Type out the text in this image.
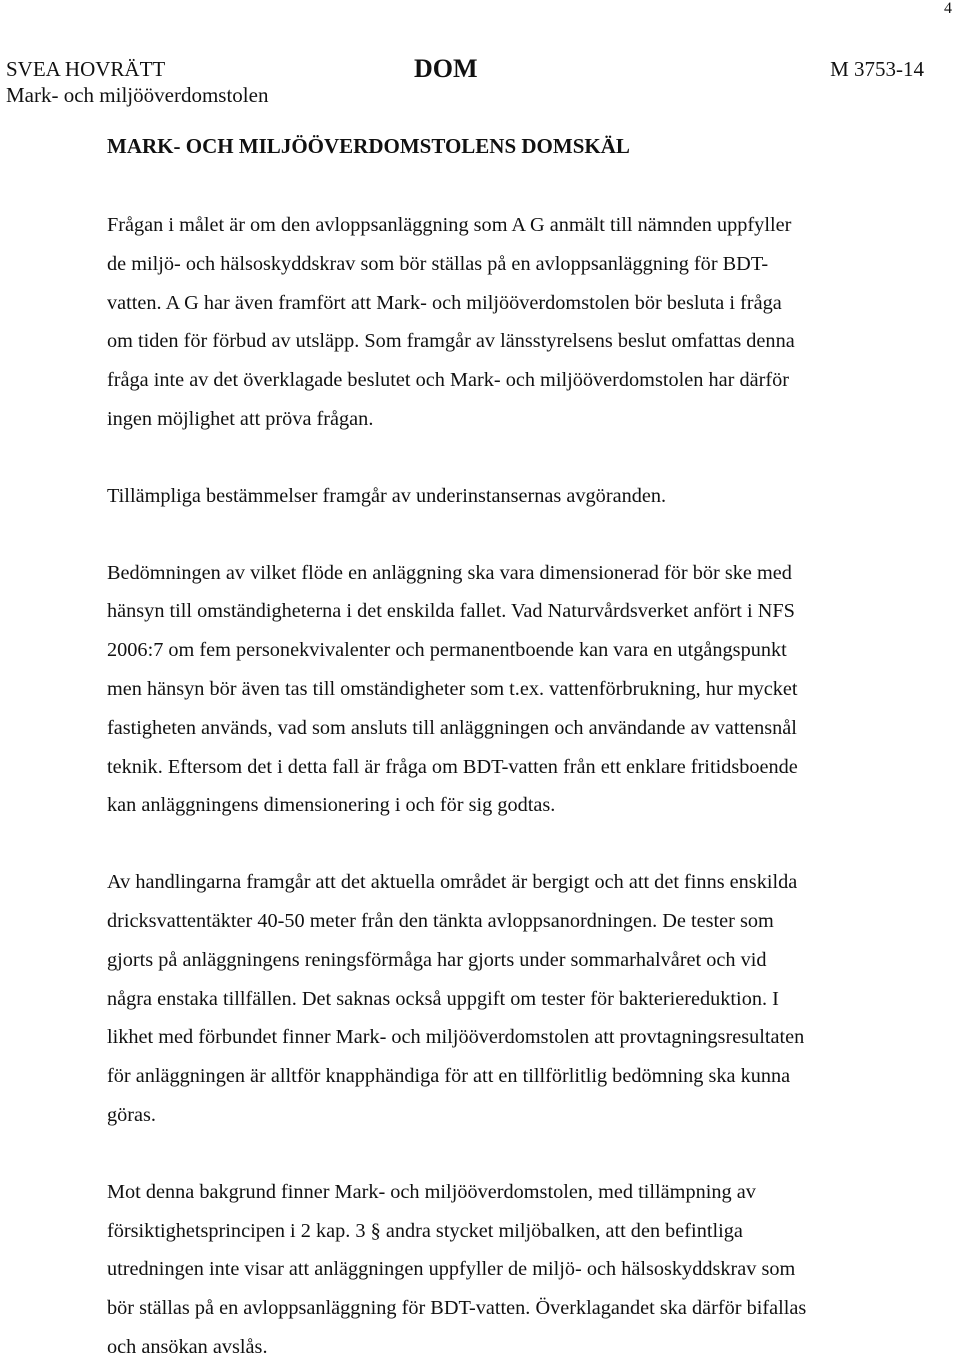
4
SVEA HOVRÄTT
Mark- och miljööverdomstolen
DOM	M 3753-14
MARK- OCH MILJÖÖVERDOMSTOLENS DOMSKÄL
Frågan i målet är om den avloppsanläggning som A G anmält till nämnden uppfyller
de miljö- och hälsoskyddskrav som bör ställas på en avloppsanläggning för BDT-
vatten. A G har även framfört att Mark- och miljööverdomstolen bör besluta i fråga
om tiden för förbud av utsläpp. Som framgår av länsstyrelsens beslut omfattas denna
fråga inte av det överklagade beslutet och Mark- och miljööverdomstolen har därför
ingen möjlighet att pröva frågan.
Tillämpliga bestämmelser framgår av underinstansernas avgöranden.
Bedömningen av vilket flöde en anläggning ska vara dimensionerad för bör ske med
hänsyn till omständigheterna i det enskilda fallet. Vad Naturvårdsverket anfört i NFS
2006:7 om fem personekvivalenter och permanentboende kan vara en utgångspunkt
men hänsyn bör även tas till omständigheter som t.ex. vattenförbrukning, hur mycket
fastigheten används, vad som ansluts till anläggningen och användande av vattensnål
teknik. Eftersom det i detta fall är fråga om BDT-vatten från ett enklare fritidsboende
kan anläggningens dimensionering i och för sig godtas.
Av handlingarna framgår att det aktuella området är bergigt och att det finns enskilda
dricksvattentäkter 40-50 meter från den tänkta avloppsanordningen. De tester som
gjorts på anläggningens reningsförmåga har gjorts under sommarhalvåret och vid
några enstaka tillfällen. Det saknas också uppgift om tester för bakteriereduktion. I
likhet med förbundet finner Mark- och miljööverdomstolen att provtagningsresultaten
för anläggningen är alltför knapphändiga för att en tillförlitlig bedömning ska kunna
göras.
Mot denna bakgrund finner Mark- och miljööverdomstolen, med tillämpning av
försiktighetsprincipen i 2 kap. 3 § andra stycket miljöbalken, att den befintliga
utredningen inte visar att anläggningen uppfyller de miljö- och hälsoskyddskrav som
bör ställas på en avloppsanläggning för BDT-vatten. Överklagandet ska därför bifallas
och ansökan avslås.
